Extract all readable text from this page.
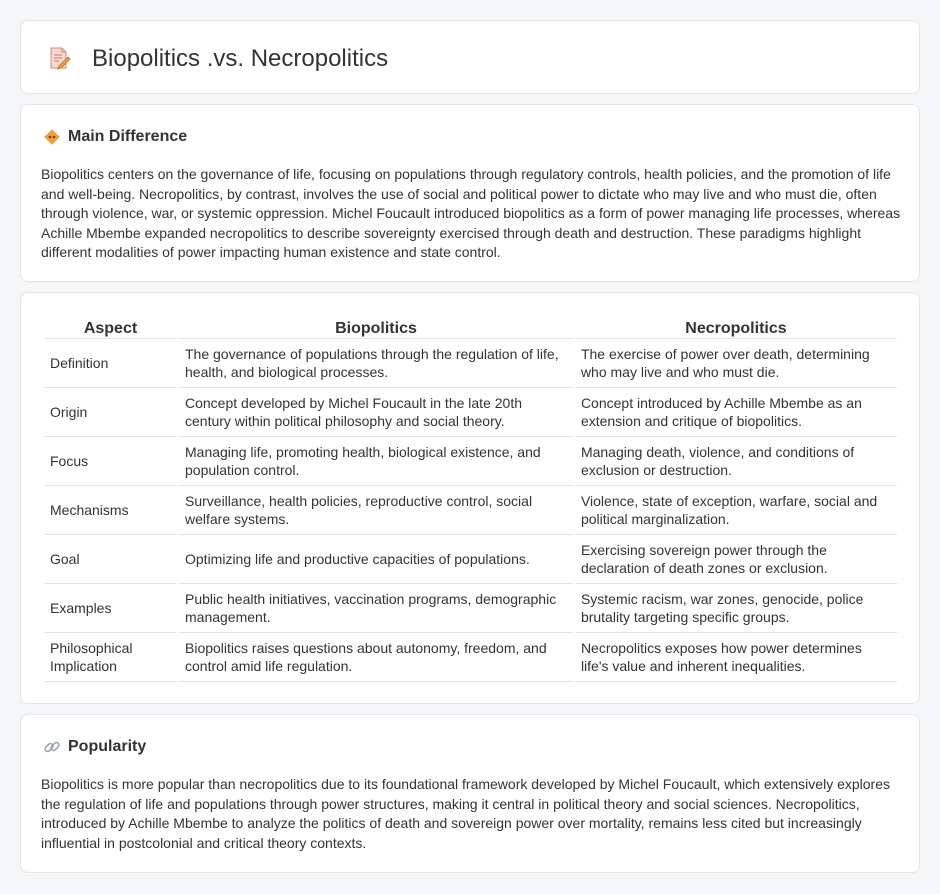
Biopolitics .vs. Necropolitics
Main Difference

Biopolitics centers on the governance of life, focusing on populations through regulatory controls, health policies, and the promotion of life and well-being. Necropolitics, by contrast, involves the use of social and political power to dictate who may live and who must die, often through violence, war, or systemic oppression. Michel Foucault introduced biopolitics as a form of power managing life processes, whereas Achille Mbembe expanded necropolitics to describe sovereignty exercised through death and destruction. These paradigms highlight different modalities of power impacting human existence and state control.

Aspect	Biopolitics	Necropolitics
Definition	The governance of populations through the regulation of life, health, and biological processes.	The exercise of power over death, determining who may live and who must die.
Origin	Concept developed by Michel Foucault in the late 20th century within political philosophy and social theory.	Concept introduced by Achille Mbembe as an extension and critique of biopolitics.
Focus	Managing life, promoting health, biological existence, and population control.	Managing death, violence, and conditions of exclusion or destruction.
Mechanisms	Surveillance, health policies, reproductive control, social welfare systems.	Violence, state of exception, warfare, social and political marginalization.
Goal	Optimizing life and productive capacities of populations.	Exercising sovereign power through the declaration of death zones or exclusion.
Examples	Public health initiatives, vaccination programs, demographic management.	Systemic racism, war zones, genocide, police brutality targeting specific groups.
Philosophical Implication	Biopolitics raises questions about autonomy, freedom, and control amid life regulation.	Necropolitics exposes how power determines life's value and inherent inequalities.
Popularity

Biopolitics is more popular than necropolitics due to its foundational framework developed by Michel Foucault, which extensively explores the regulation of life and populations through power structures, making it central in political theory and social sciences. Necropolitics, introduced by Achille Mbembe to analyze the politics of death and sovereign power over mortality, remains less cited but increasingly influential in postcolonial and critical theory contexts.
